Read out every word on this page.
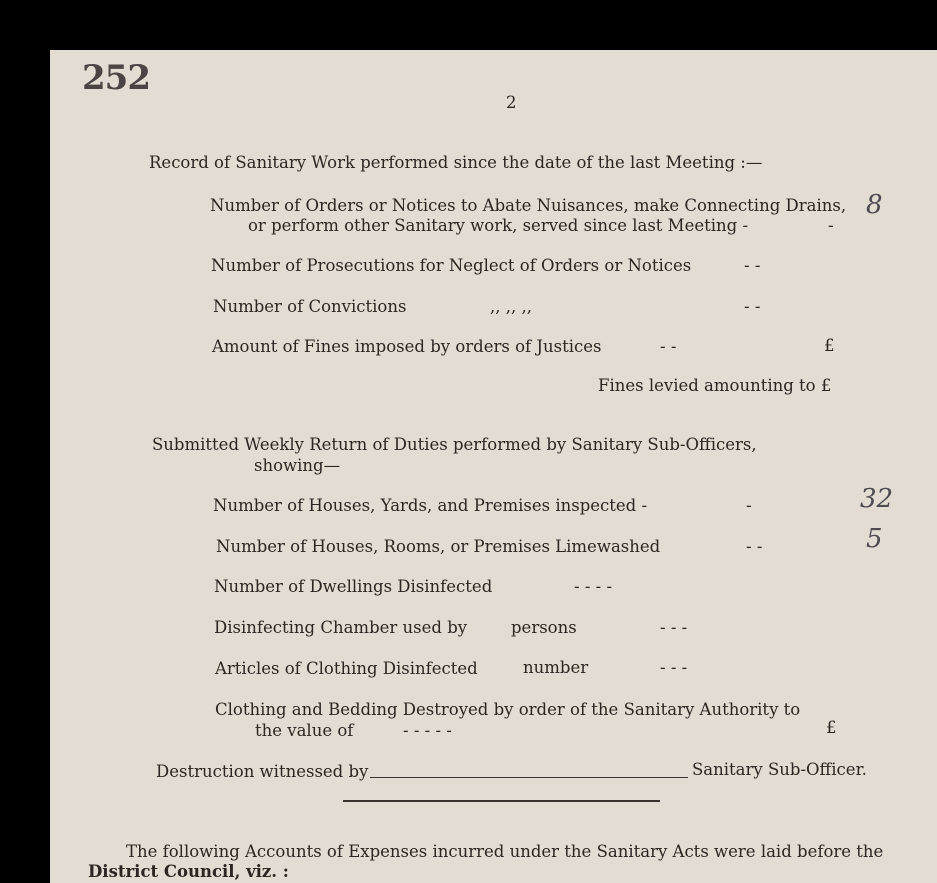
252
2
Record of Sanitary Work performed since the date of the last Meeting :—
Number of Orders or Notices to Abate Nuisances, make Connecting Drains,
or perform other Sanitary work, served since last Meeting -	-
8
Number of Prosecutions for Neglect of Orders or Notices	- -
Number of Convictions	,, ,, ,,	- -
Amount of Fines imposed by orders of Justices	- -	£
Fines levied amounting to £
Submitted Weekly Return of Duties performed by Sanitary Sub-Officers,
showing—
Number of Houses, Yards, and Premises inspected -	-	32
Number of Houses, Rooms, or Premises Limewashed	- -	5
Number of Dwellings Disinfected	- - - -
Disinfecting Chamber used by	persons	- - -
Articles of Clothing Disinfected	number	- - -
Clothing and Bedding Destroyed by order of the Sanitary Authority to
the value of	- - - - -	£
Destruction witnessed by	Sanitary Sub-Officer.
The following Accounts of Expenses incurred under the Sanitary Acts were laid before the
District Council, viz. :
